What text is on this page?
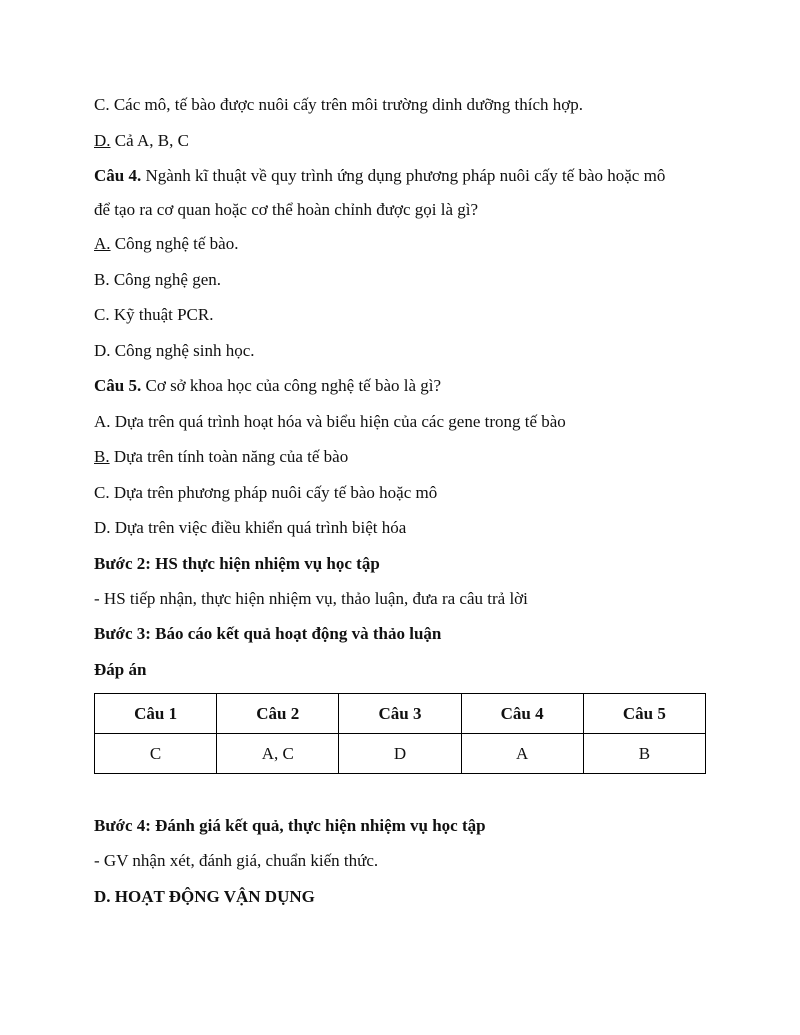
C. Các mô, tế bào được nuôi cấy trên môi trường dinh dưỡng thích hợp.
D. Cả A, B, C
Câu 4. Ngành kĩ thuật về quy trình ứng dụng phương pháp nuôi cấy tế bào hoặc mô
để tạo ra cơ quan hoặc cơ thể hoàn chỉnh được gọi là gì?
A. Công nghệ tế bào.
B. Công nghệ gen.
C. Kỹ thuật PCR.
D. Công nghệ sinh học.
Câu 5. Cơ sở khoa học của công nghệ tế bào là gì?
A. Dựa trên quá trình hoạt hóa và biểu hiện của các gene trong tế bào
B. Dựa trên tính toàn năng của tế bào
C. Dựa trên phương pháp nuôi cấy tế bào hoặc mô
D. Dựa trên việc điều khiển quá trình biệt hóa
Bước 2: HS thực hiện nhiệm vụ học tập
- HS tiếp nhận, thực hiện nhiệm vụ, thảo luận, đưa ra câu trả lời
Bước 3: Báo cáo kết quả hoạt động và thảo luận
Đáp án
Câu 1	Câu 2	Câu 3	Câu 4	Câu 5
C	A, C	D	A	B
Bước 4: Đánh giá kết quả, thực hiện nhiệm vụ học tập
- GV nhận xét, đánh giá, chuẩn kiến thức.
D. HOẠT ĐỘNG VẬN DỤNG
